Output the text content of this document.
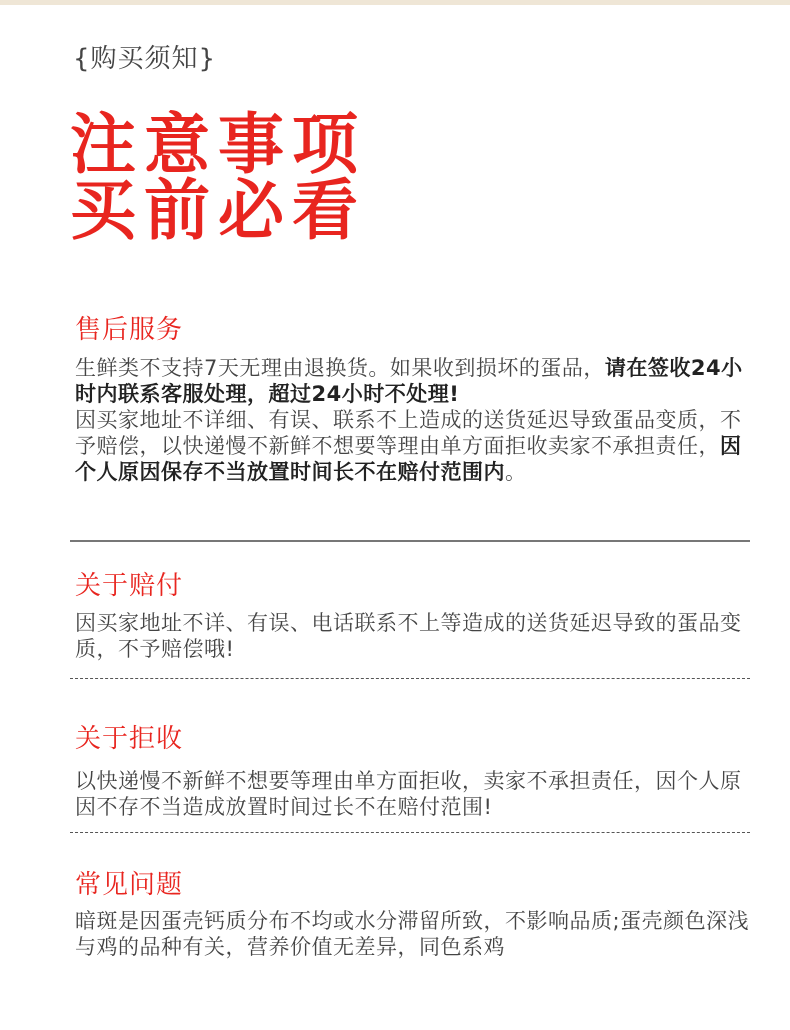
{购买须知}
注意事项
买前必看
售后服务
生鲜类不支持7天无理由退换货。如果收到损坏的蛋品，请在签收24小时内联系客服处理，超过24小时不处理!
因买家地址不详细、有误、联系不上造成的送货延迟导致蛋品变质，不予赔偿，以快递慢不新鲜不想要等理由单方面拒收卖家不承担责任，因个人原因保存不当放置时间长不在赔付范围内。
关于赔付
因买家地址不详、有误、电话联系不上等造成的送货延迟导致的蛋品变质，不予赔偿哦!
关于拒收
以快递慢不新鲜不想要等理由单方面拒收，卖家不承担责任，因个人原因不存不当造成放置时间过长不在赔付范围!
常见问题
暗斑是因蛋壳钙质分布不均或水分滞留所致，不影响品质;蛋壳颜色深浅与鸡的品种有关，营养价值无差异，同色系鸡
